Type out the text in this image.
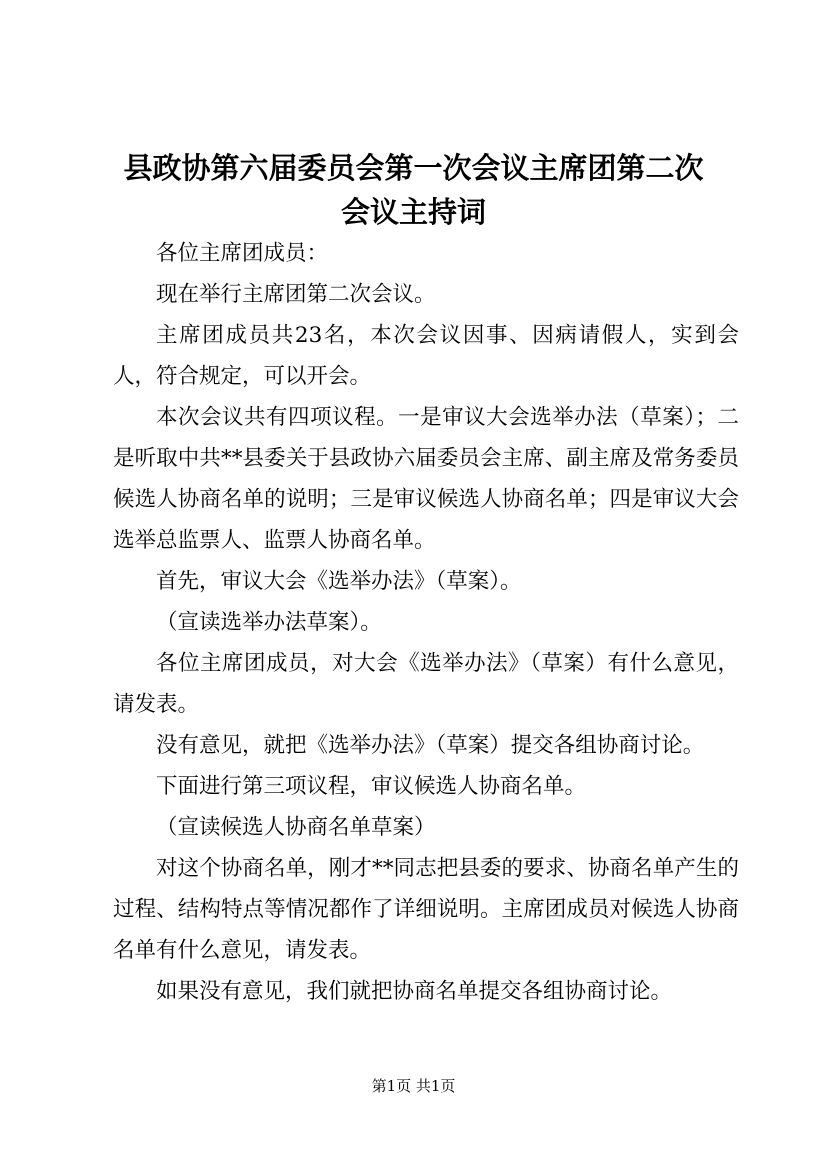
县政协第六届委员会第一次会议主席团第二次
会议主持词

各位主席团成员：

现在举行主席团第二次会议。

主席团成员共23名，本次会议因事、因病请假人，实到会人，符合规定，可以开会。

本次会议共有四项议程。一是审议大会选举办法（草案）；二是听取中共**县委关于县政协六届委员会主席、副主席及常务委员候选人协商名单的说明；三是审议候选人协商名单；四是审议大会选举总监票人、监票人协商名单。

首先，审议大会《选举办法》（草案）。

（宣读选举办法草案）。

各位主席团成员，对大会《选举办法》（草案）有什么意见，请发表。

没有意见，就把《选举办法》（草案）提交各组协商讨论。

下面进行第三项议程，审议候选人协商名单。

（宣读候选人协商名单草案）

对这个协商名单，刚才**同志把县委的要求、协商名单产生的过程、结构特点等情况都作了详细说明。主席团成员对候选人协商名单有什么意见，请发表。

如果没有意见，我们就把协商名单提交各组协商讨论。

第1页 共1页
